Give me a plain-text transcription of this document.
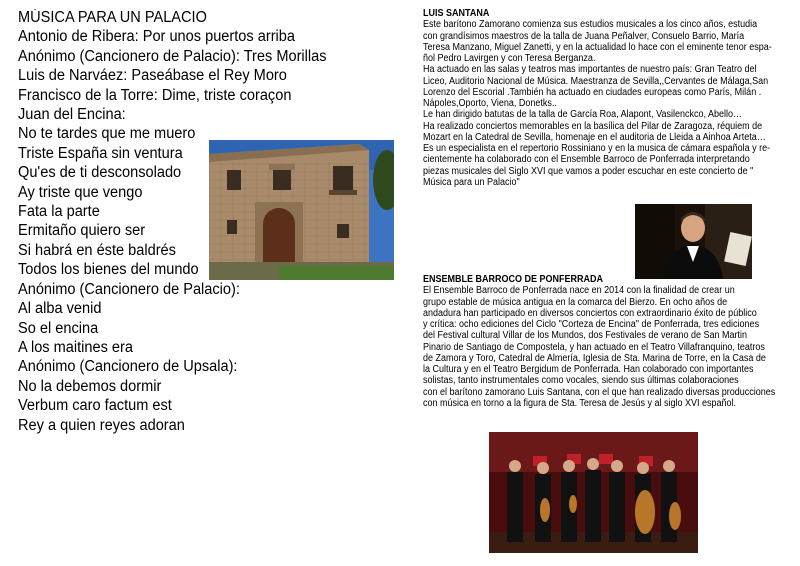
MÚSICA PARA UN PALACIO
Antonio de Ribera: Por unos puertos arriba
Anónimo (Cancionero de Palacio): Tres Morillas
Luis de Narváez: Paseábase el Rey Moro
Francisco de la Torre: Dime, triste coraçon
Juan del Encina:
No te tardes que me muero
Triste España sin ventura
Qu'es de ti desconsolado
Ay triste que vengo
Fata la parte
Ermitaño quiero ser
Si habrá en éste baldrés
Todos los bienes del mundo
Anónimo (Cancionero de Palacio):
Al alba venid
So el encina
A los maitines era
Anónimo (Cancionero de Upsala):
No la debemos dormir
Verbum caro factum est
Rey a quien reyes adoran
LUIS SANTANA
Este barítono Zamorano comienza sus estudios musicales a los cinco años, estudia
con grandísimos maestros de la talla de Juana Peñalver, Consuelo Barrio, María
Teresa Manzano, Miguel Zanetti, y en la actualidad lo hace con el eminente tenor espa-
ñol Pedro Lavirgen y con Teresa Berganza.
Ha actuado en las salas y teatros mas importantes de nuestro país: Gran Teatro del
Liceo, Auditorio Nacional de Música. Maestranza de Sevilla,,Cervantes de Málaga,San
Lorenzo del Escorial .También ha actuado en ciudades europeas como París, Milán .
Nápoles,Oporto, Viena, Donetks..
Le han dirigido batutas de la talla de García Roa, Alapont, Vasilenckco, Abello…
Ha realizado conciertos memorables en la basílica del Pilar de Zaragoza, réquiem de
Mozart en la Catedral de Sevilla, homenaje en el auditoria de Lleida a Ainhoa Arteta…
Es un especialista en el repertorio Rossiniano y en la musica de cámara española y re-
cientemente ha colaborado con el Ensemble Barroco de Ponferrada interpretando
piezas musicales del Siglo XVI que vamos a poder escuchar en este concierto de "
Música para un Palacio"
ENSEMBLE BARROCO DE PONFERRADA
El Ensemble Barroco de Ponferrada nace en 2014 con la finalidad de crear un
grupo estable de música antigua en la comarca del Bierzo. En ocho años de
andadura han participado en diversos conciertos con extraordinario éxito de público
y crítica: ocho ediciones del Ciclo "Corteza de Encina" de Ponferrada, tres ediciones
del Festival cultural Villar de los Mundos, dos Festivales de verano de San Martin
Pinario de Santiago de Compostela, y han actuado en el Teatro Villafranquino, teatros
de Zamora y Toro, Catedral de Almería, Iglesia de Sta. Marina de Torre, en la Casa de
la Cultura y en el Teatro Bergidum de Ponferrada. Han colaborado con importantes
solistas, tanto instrumentales como vocales, siendo sus últimas colaboraciones
con el barítono zamorano Luis Santana, con el que han realizado diversas producciones
con música en torno a la figura de Sta. Teresa de Jesús y al siglo XVI español.
